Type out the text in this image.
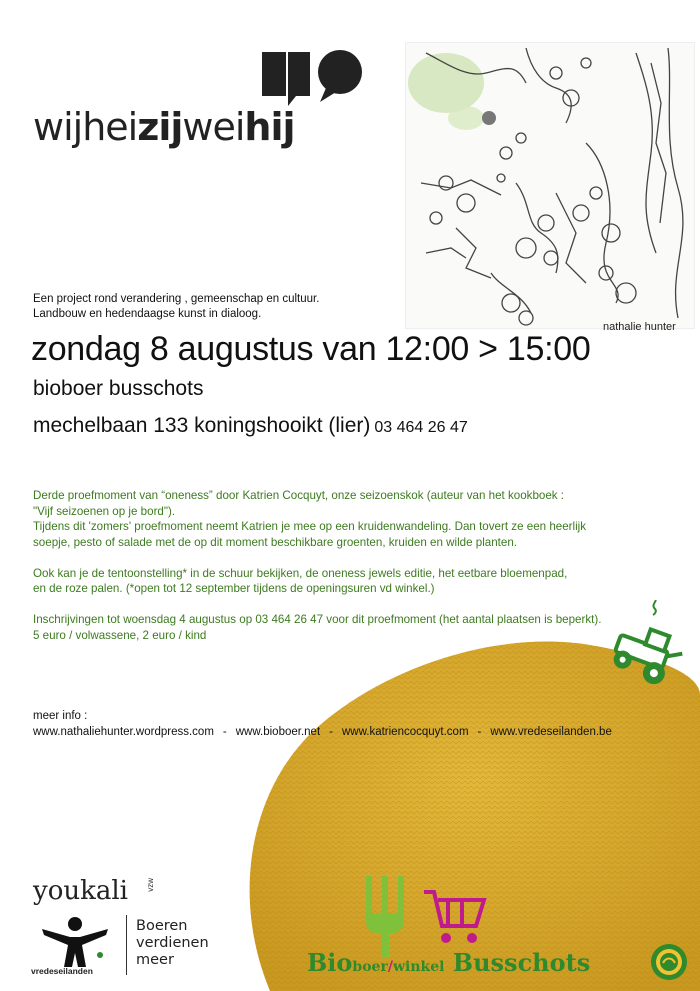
wijheizijweihij
nathalie hunter
Een project rond verandering , gemeenschap en cultuur.
Landbouw en hedendaagse kunst in dialoog.
zondag 8 augustus van 12:00 > 15:00
bioboer busschots
mechelbaan 133 koningshooikt (lier) 03 464 26 47
Derde proefmoment van “oneness” door Katrien Cocquyt, onze seizoenskok (auteur van het kookboek :
"Vijf seizoenen op je bord").
Tijdens dit 'zomers' proefmoment neemt Katrien je mee op een kruidenwandeling. Dan tovert ze een heerlijk
soepje, pesto of salade met de op dit moment beschikbare groenten, kruiden en wilde planten.
Ook kan je de tentoonstelling* in de schuur bekijken, de oneness jewels editie, het eetbare bloemenpad,
en de roze palen. (*open tot 12 september tijdens de openingsuren vd winkel.)
Inschrijvingen tot woensdag 4 augustus op 03 464 26 47 voor dit proefmoment (het aantal plaatsen is beperkt).
5 euro / volwassene, 2 euro / kind
meer info :
www.nathaliehunter.wordpress.com - www.bioboer.net - www.katriencocquyt.com - www.vredeseilanden.be
youkali vzw
vredeseilanden
Boeren
verdienen
meer	Bioboer/winkel Busschots
